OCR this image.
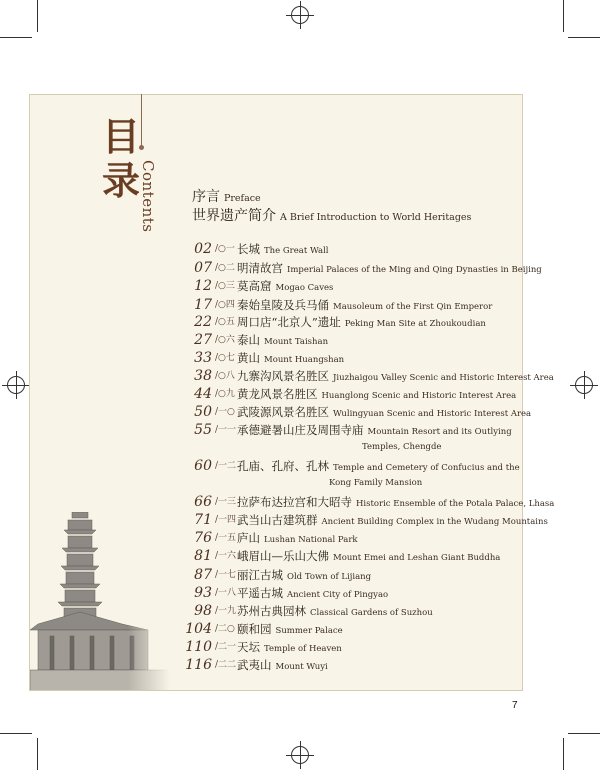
目录 Contents	序言 Preface
世界遗产简介 A Brief Introduction to World Heritages
02 /○一 长城 The Great Wall
07 /○二 明清故宫 Imperial Palaces of the Ming and Qing Dynasties in Beijing
12 /○三 莫高窟 Mogao Caves
17 /○四 秦始皇陵及兵马俑 Mausoleum of the First Qin Emperor
22 /○五 周口店“北京人”遗址 Peking Man Site at Zhoukoudian
27 /○六 泰山 Mount Taishan
33 /○七 黄山 Mount Huangshan
38 /○八 九寨沟风景名胜区 Jiuzhaigou Valley Scenic and Historic Interest Area
44 /○九 黄龙风景名胜区 Huanglong Scenic and Historic Interest Area
50 /一○ 武陵源风景名胜区 Wulingyuan Scenic and Historic Interest Area
55 /一一 承德避暑山庄及周围寺庙 Mountain Resort and its Outlying
Temples, Chengde
60 /一二 孔庙、孔府、孔林 Temple and Cemetery of Confucius and the
Kong Family Mansion
66 /一三 拉萨布达拉宫和大昭寺 Historic Ensemble of the Potala Palace, Lhasa
71 /一四 武当山古建筑群 Ancient Building Complex in the Wudang Mountains
76 /一五 庐山 Lushan National Park
81 /一六 峨眉山—乐山大佛 Mount Emei and Leshan Giant Buddha
87 /一七 丽江古城 Old Town of Lijiang
93 /一八 平遥古城 Ancient City of Pingyao
98 /一九 苏州古典园林 Classical Gardens of Suzhou
104 /二○ 颐和园 Summer Palace
110 /二一 天坛 Temple of Heaven
116 /二二 武夷山 Mount Wuyi
7
